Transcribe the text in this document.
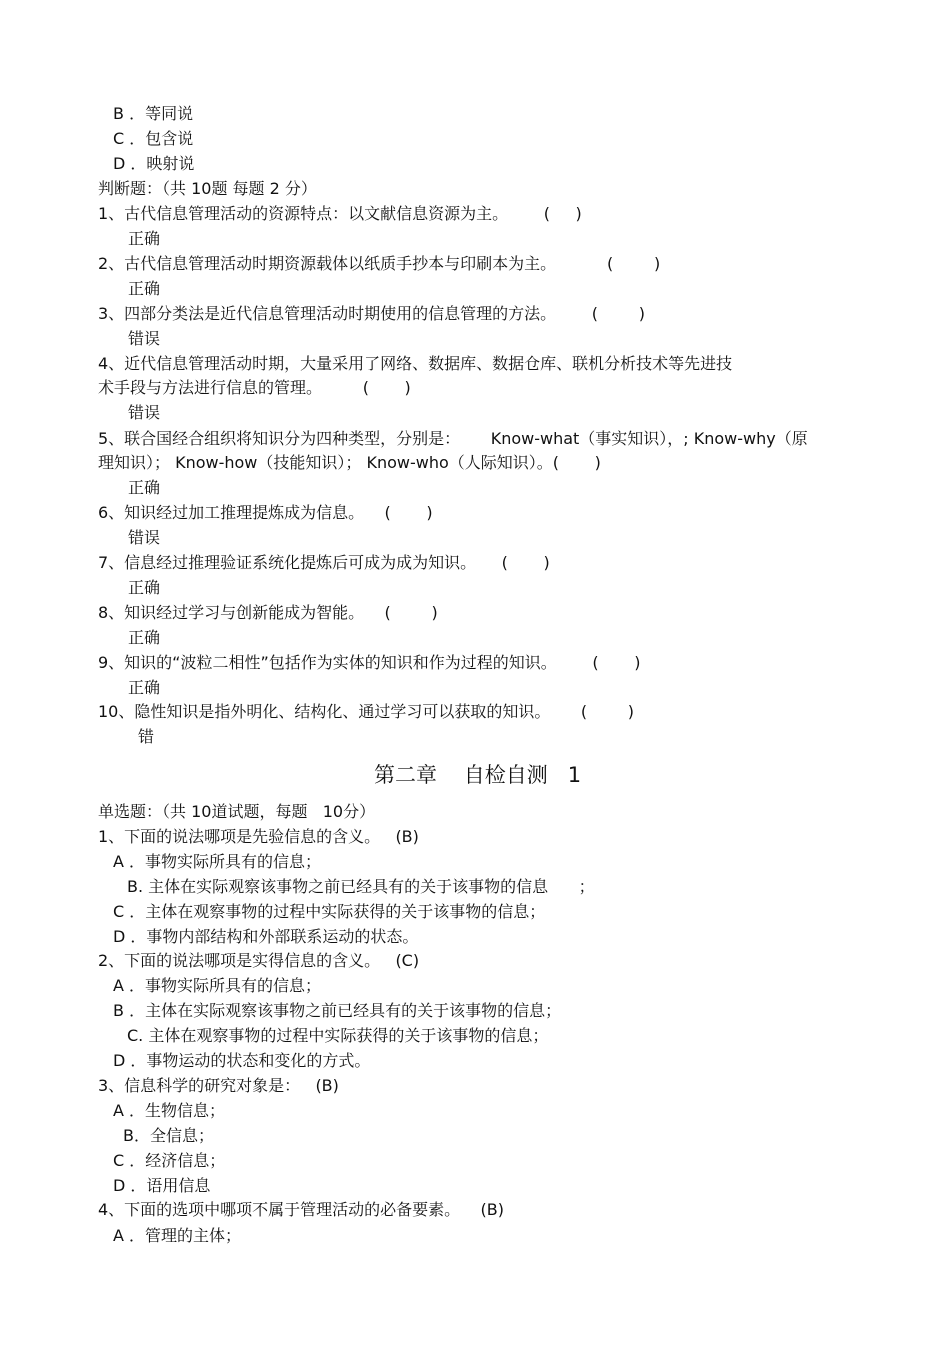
B ．等同说
C ．包含说
D ．映射说
判断题：（共 10题 每题 2 分）
1、古代信息管理活动的资源特点：以文献信息资源为主。       (     )
正确
2、古代信息管理活动时期资源载体以纸质手抄本与印刷本为主。          (        )
正确
3、四部分类法是近代信息管理活动时期使用的信息管理的方法。       (        )
错误
4、近代信息管理活动时期，大量采用了网络、数据库、数据仓库、联机分析技术等先进技
术手段与方法进行信息的管理。        (       )
错误
5、联合国经合组织将知识分为四种类型，分别是：      Know-what（事实知识），; Know-why（原
理知识）； Know-how（技能知识）； Know-who（人际知识）。(       )
正确
6、知识经过加工推理提炼成为信息。    (       )
错误
7、信息经过推理验证系统化提炼后可成为成为知识。     (       )
正确
8、知识经过学习与创新能成为智能。    (        )
正确
9、知识的“波粒二相性”包括作为实体的知识和作为过程的知识。       (       )
正确
10、隐性知识是指外明化、结构化、通过学习可以获取的知识。      (        )
错
第二章    自检自测   1
单选题：（共 10道试题，每题   10分）
1、下面的说法哪项是先验信息的含义。   (B)
A ．事物实际所具有的信息；
B. 主体在实际观察该事物之前已经具有的关于该事物的信息      ；
C ．主体在观察事物的过程中实际获得的关于该事物的信息；
D ．事物内部结构和外部联系运动的状态。
2、下面的说法哪项是实得信息的含义。   (C)
A ．事物实际所具有的信息；
B ．主体在实际观察该事物之前已经具有的关于该事物的信息；
C. 主体在观察事物的过程中实际获得的关于该事物的信息；
D ．事物运动的状态和变化的方式。
3、信息科学的研究对象是：   (B)
A ．生物信息；
B．全信息；
C ．经济信息；
D ．语用信息
4、下面的选项中哪项不属于管理活动的必备要素。    (B)
A ．管理的主体；
